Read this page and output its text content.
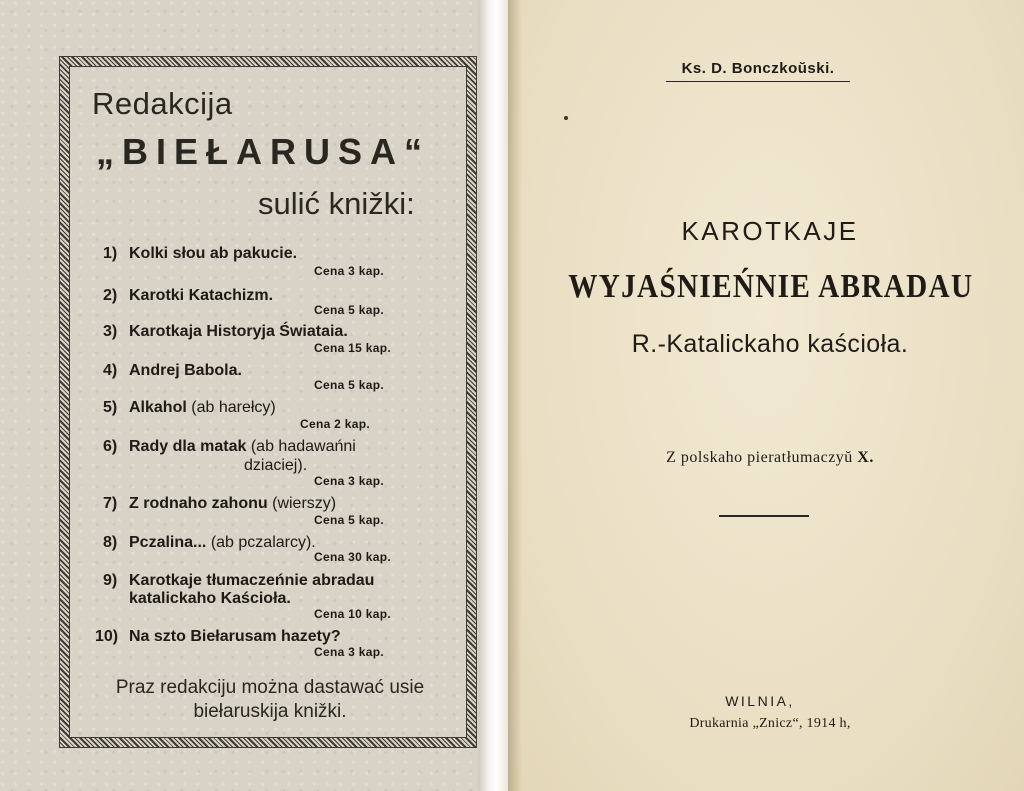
Redakcija
„BIEŁARUSA“
sulić knižki:
1) Kolki słou ab pakucie.
Cena 3 kap.
2) Karotki Katachizm.
Cena 5 kap.
3) Karotkaja Historyja Świataia.
Cena 15 kap.
4) Andrej Babola.
Cena 5 kap.
5) Alkahol (ab harełcy)
Cena 2 kap.
6) Rady dla matak (ab hadawańni
dziaciej).
Cena 3 kap.
7) Z rodnaho zahonu (wierszy)
Cena 5 kap.
8) Pczalina... (ab pczalarcy).
Cena 30 kap.
9) Karotkaje tłumaczeńnie abradau
katalickaho Kaścioła.
Cena 10 kap.
10) Na szto Biełarusam hazety?
Cena 3 kap.
Praz redakciju można dastawać usie
biełaruskija knižki.
Ks. D. Bonczkoŭski.
KAROTKAJE
WYJAŚNIEŃNIE ABRADAU
R.-Katalickaho kaścioła.
Z polskaho pieratłumaczyŭ X.
WILNIA,
Drukarnia „Znicz“, 1914 h,
